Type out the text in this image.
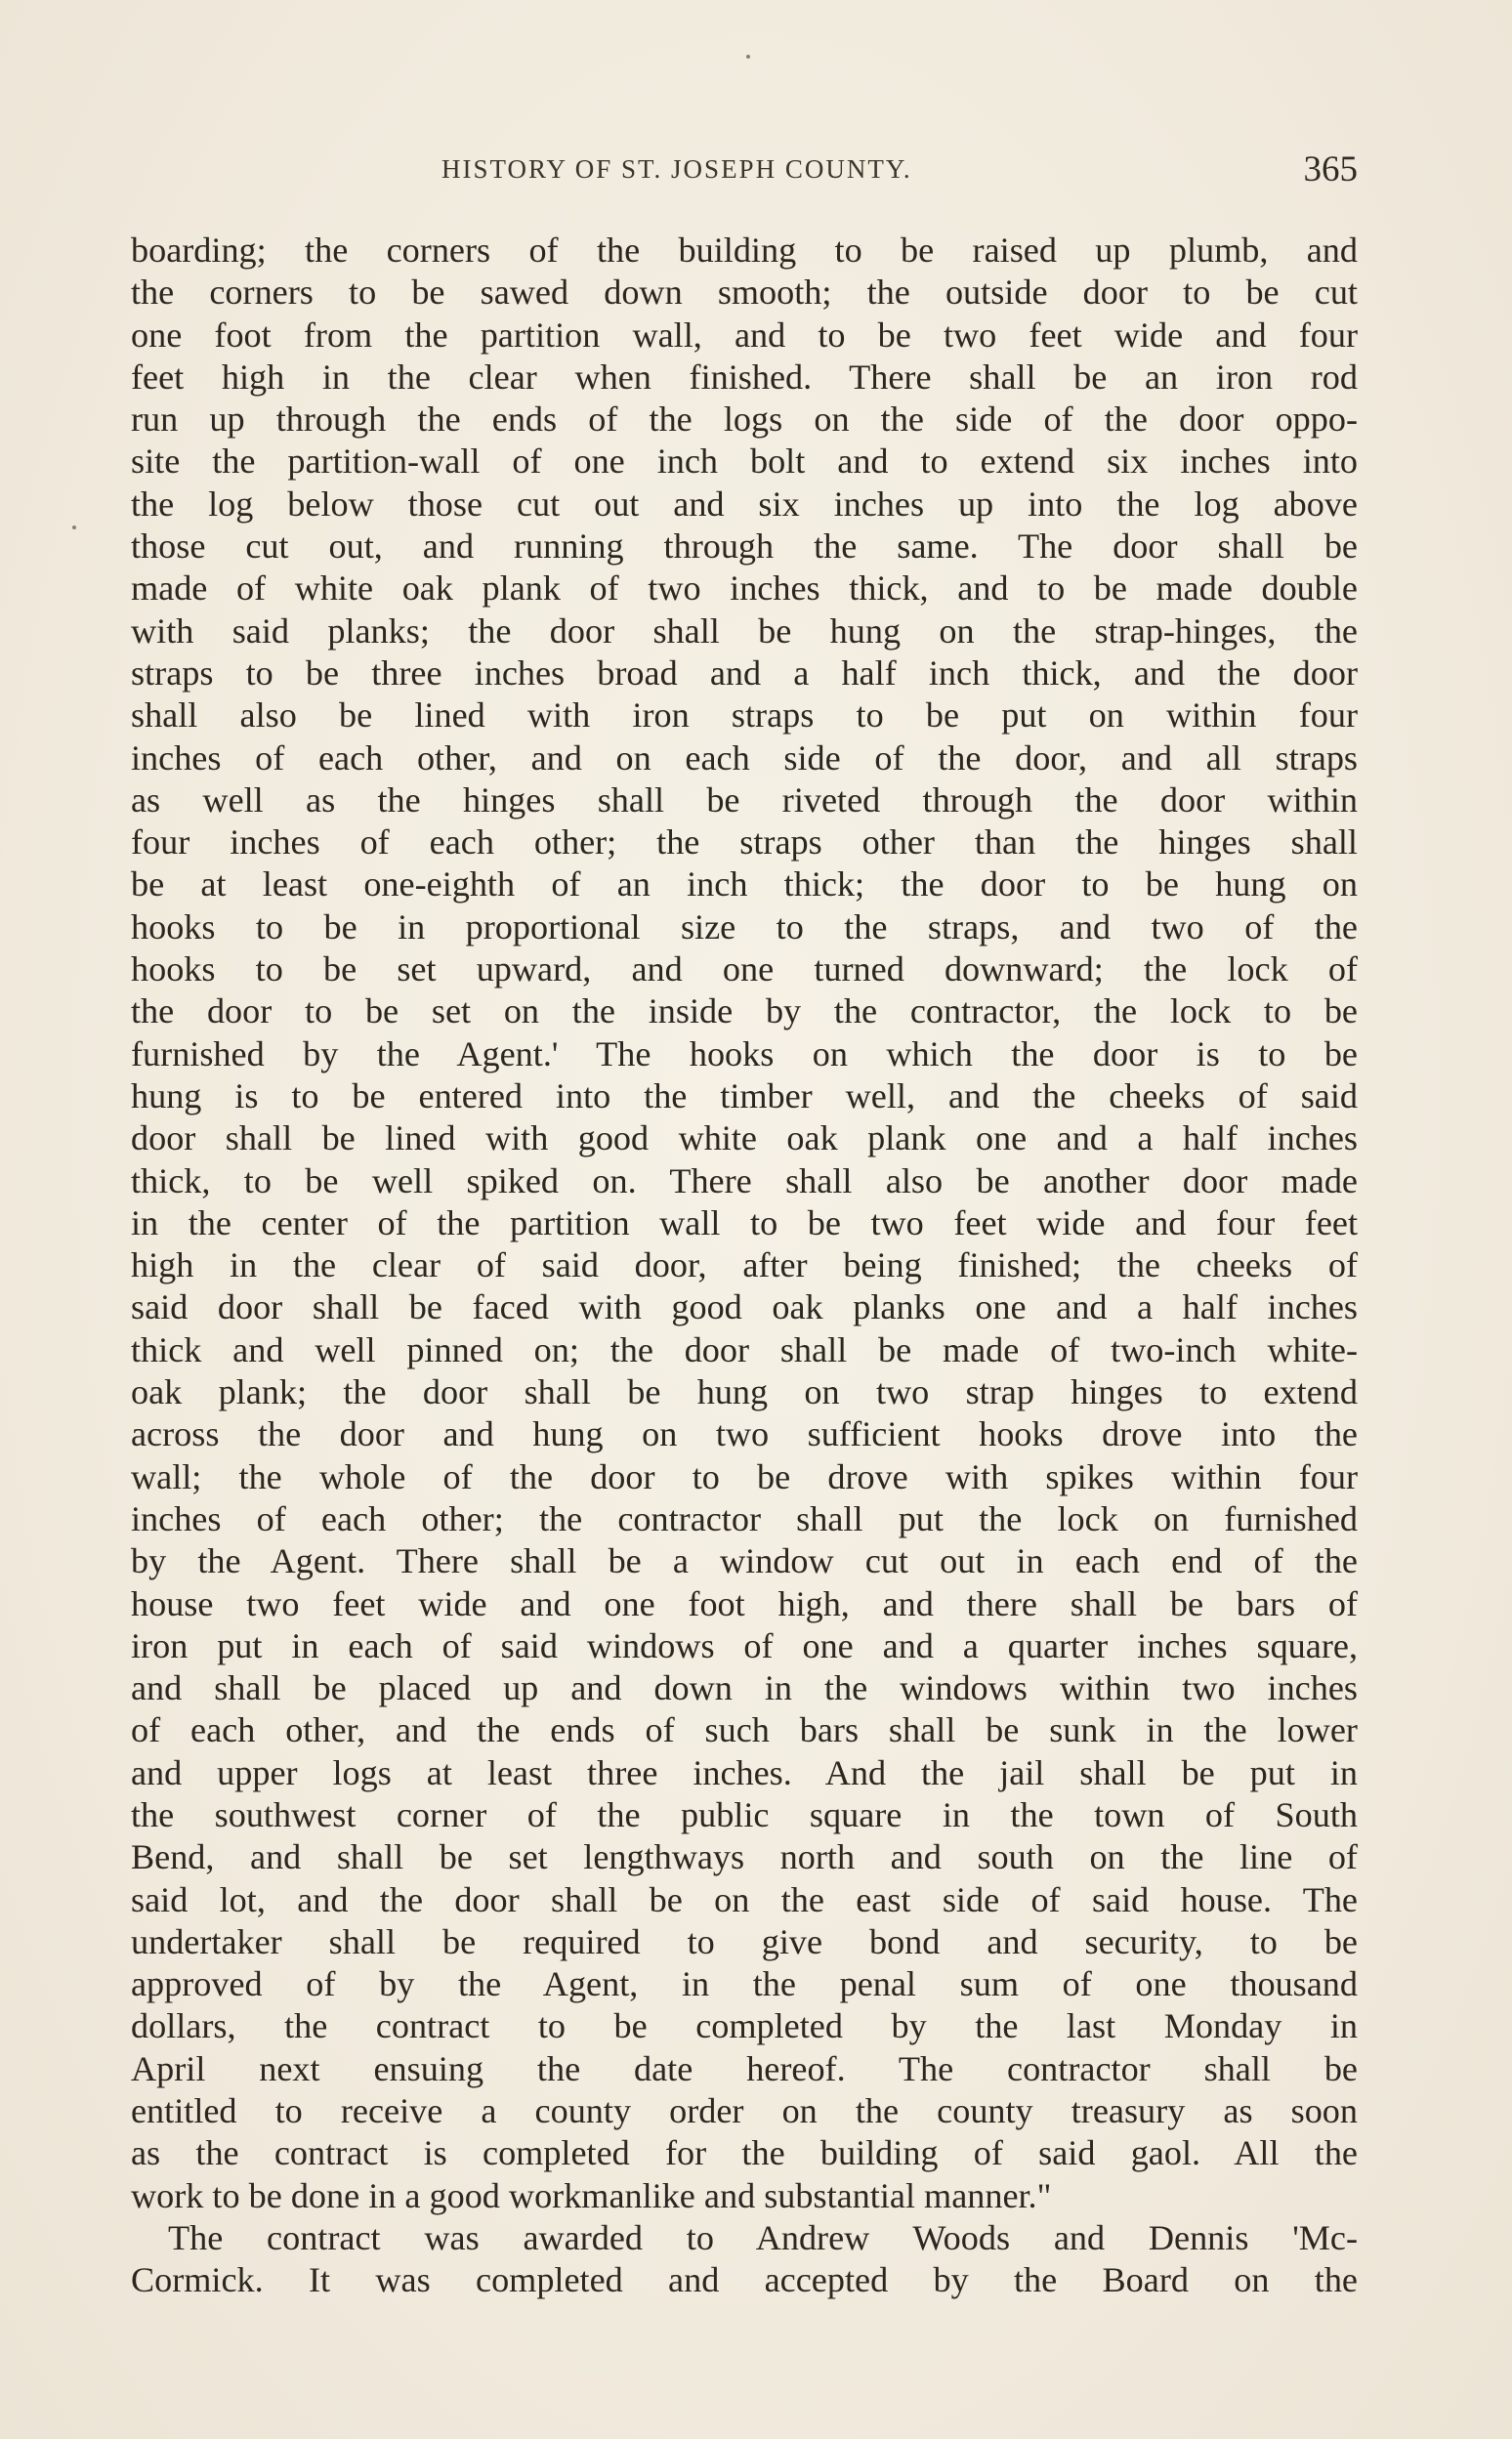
HISTORY OF ST. JOSEPH COUNTY.	365
boarding; the corners of the building to be raised up plumb, and
the corners to be sawed down smooth; the outside door to be cut
one foot from the partition wall, and to be two feet wide and four
feet high in the clear when finished. There shall be an iron rod
run up through the ends of the logs on the side of the door oppo-
site the partition-wall of one inch bolt and to extend six inches into
the log below those cut out and six inches up into the log above
those cut out, and running through the same. The door shall be
made of white oak plank of two inches thick, and to be made double
with said planks; the door shall be hung on the strap-hinges, the
straps to be three inches broad and a half inch thick, and the door
shall also be lined with iron straps to be put on within four
inches of each other, and on each side of the door, and all straps
as well as the hinges shall be riveted through the door within
four inches of each other; the straps other than the hinges shall
be at least one-eighth of an inch thick; the door to be hung on
hooks to be in proportional size to the straps, and two of the
hooks to be set upward, and one turned downward; the lock of
the door to be set on the inside by the contractor, the lock to be
furnished by the Agent.' The hooks on which the door is to be
hung is to be entered into the timber well, and the cheeks of said
door shall be lined with good white oak plank one and a half inches
thick, to be well spiked on. There shall also be another door made
in the center of the partition wall to be two feet wide and four feet
high in the clear of said door, after being finished; the cheeks of
said door shall be faced with good oak planks one and a half inches
thick and well pinned on; the door shall be made of two-inch white-
oak plank; the door shall be hung on two strap hinges to extend
across the door and hung on two sufficient hooks drove into the
wall; the whole of the door to be drove with spikes within four
inches of each other; the contractor shall put the lock on furnished
by the Agent. There shall be a window cut out in each end of the
house two feet wide and one foot high, and there shall be bars of
iron put in each of said windows of one and a quarter inches square,
and shall be placed up and down in the windows within two inches
of each other, and the ends of such bars shall be sunk in the lower
and upper logs at least three inches. And the jail shall be put in
the southwest corner of the public square in the town of South
Bend, and shall be set lengthways north and south on the line of
said lot, and the door shall be on the east side of said house. The
undertaker shall be required to give bond and security, to be
approved of by the Agent, in the penal sum of one thousand
dollars, the contract to be completed by the last Monday in
April next ensuing the date hereof. The contractor shall be
entitled to receive a county order on the county treasury as soon
as the contract is completed for the building of said gaol. All the
work to be done in a good workmanlike and substantial manner."
The contract was awarded to Andrew Woods and Dennis 'Mc-
Cormick. It was completed and accepted by the Board on the
